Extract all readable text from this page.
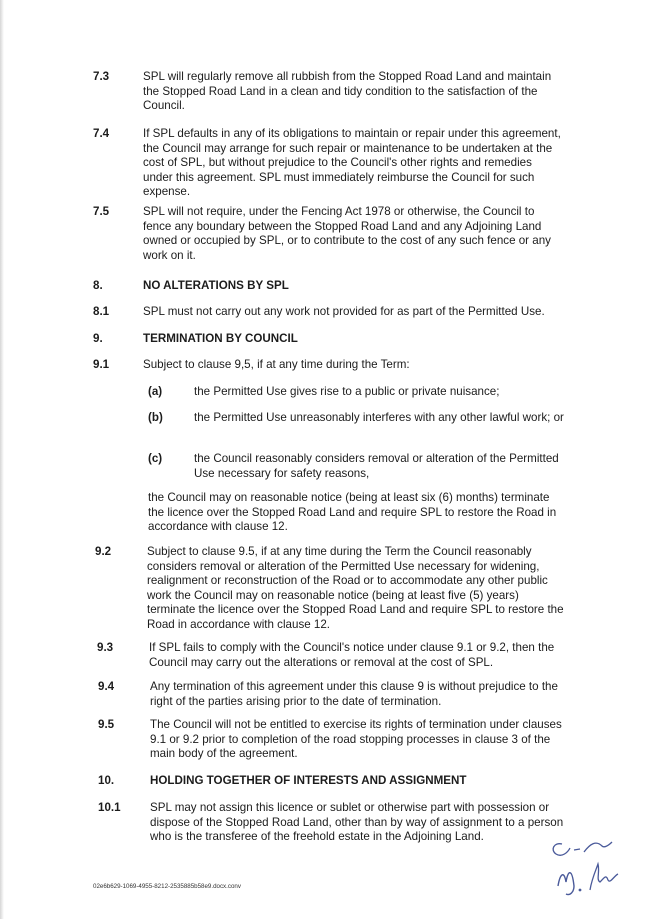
7.3	SPL will regularly remove all rubbish from the Stopped Road Land and maintain the Stopped Road Land in a clean and tidy condition to the satisfaction of the Council.
7.4	If SPL defaults in any of its obligations to maintain or repair under this agreement, the Council may arrange for such repair or maintenance to be undertaken at the cost of SPL, but without prejudice to the Council's other rights and remedies under this agreement. SPL must immediately reimburse the Council for such expense.
7.5	SPL will not require, under the Fencing Act 1978 or otherwise, the Council to fence any boundary between the Stopped Road Land and any Adjoining Land owned or occupied by SPL, or to contribute to the cost of any such fence or any work on it.
8.	NO ALTERATIONS BY SPL
8.1	SPL must not carry out any work not provided for as part of the Permitted Use.
9.	TERMINATION BY COUNCIL
9.1	Subject to clause 9,5, if at any time during the Term:
(a)	the Permitted Use gives rise to a public or private nuisance;
(b)	the Permitted Use unreasonably interferes with any other lawful work; or
(c)	the Council reasonably considers removal or alteration of the Permitted Use necessary for safety reasons,
the Council may on reasonable notice (being at least six (6) months) terminate the licence over the Stopped Road Land and require SPL to restore the Road in accordance with clause 12.
9.2	Subject to clause 9.5, if at any time during the Term the Council reasonably considers removal or alteration of the Permitted Use necessary for widening, realignment or reconstruction of the Road or to accommodate any other public work the Council may on reasonable notice (being at least five (5) years) terminate the licence over the Stopped Road Land and require SPL to restore the Road in accordance with clause 12.
9.3	If SPL fails to comply with the Council's notice under clause 9.1 or 9.2, then the Council may carry out the alterations or removal at the cost of SPL.
9.4	Any termination of this agreement under this clause 9 is without prejudice to the right of the parties arising prior to the date of termination.
9.5	The Council will not be entitled to exercise its rights of termination under clauses 9.1 or 9.2 prior to completion of the road stopping processes in clause 3 of the main body of the agreement.
10.	HOLDING TOGETHER OF INTERESTS AND ASSIGNMENT
10.1	SPL may not assign this licence or sublet or otherwise part with possession or dispose of the Stopped Road Land, other than by way of assignment to a person who is the transferee of the freehold estate in the Adjoining Land.
02e6b629-1069-4955-8212-2535885b58e9.docx.conv
